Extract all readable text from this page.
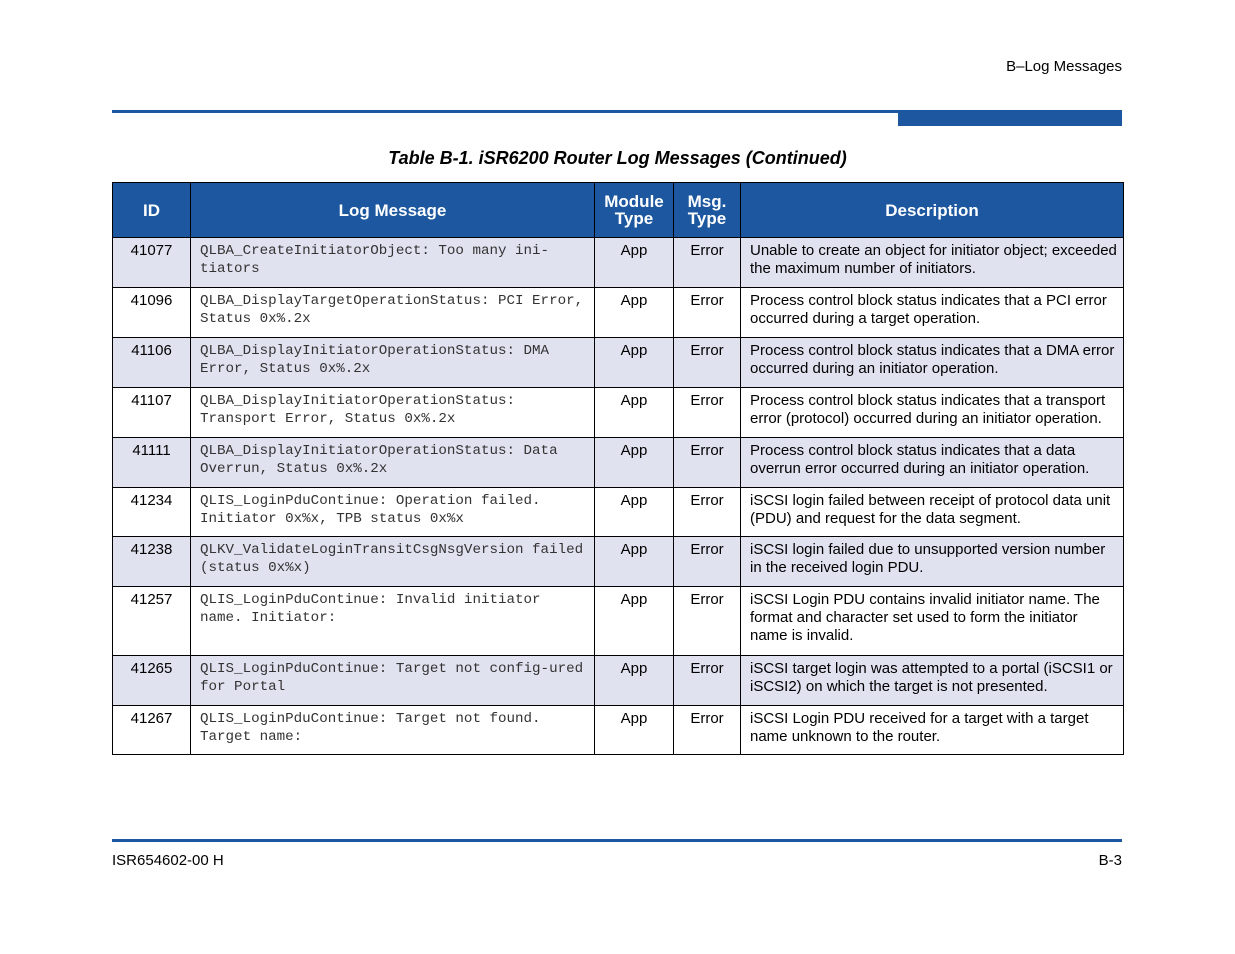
B–Log Messages
Table B-1. iSR6200 Router Log Messages (Continued)
ID	Log Message	Module Type	Msg. Type	Description
41077	QLBA_CreateInitiatorObject: Too many ini-tiators	App	Error	Unable to create an object for initiator object; exceeded the maximum number of initiators.
41096	QLBA_DisplayTargetOperationStatus: PCI Error, Status 0x%.2x	App	Error	Process control block status indicates that a PCI error occurred during a target operation.
41106	QLBA_DisplayInitiatorOperationStatus: DMA Error, Status 0x%.2x	App	Error	Process control block status indicates that a DMA error occurred during an initiator operation.
41107	QLBA_DisplayInitiatorOperationStatus: Transport Error, Status 0x%.2x	App	Error	Process control block status indicates that a transport error (protocol) occurred during an initiator operation.
41111	QLBA_DisplayInitiatorOperationStatus: Data Overrun, Status 0x%.2x	App	Error	Process control block status indicates that a data overrun error occurred during an initiator operation.
41234	QLIS_LoginPduContinue: Operation failed. Initiator 0x%x, TPB status 0x%x	App	Error	iSCSI login failed between receipt of protocol data unit (PDU) and request for the data segment.
41238	QLKV_ValidateLoginTransitCsgNsgVersion failed (status 0x%x)	App	Error	iSCSI login failed due to unsupported version number in the received login PDU.
41257	QLIS_LoginPduContinue: Invalid initiator name. Initiator:	App	Error	iSCSI Login PDU contains invalid initiator name. The format and character set used to form the initiator name is invalid.
41265	QLIS_LoginPduContinue: Target not config-ured for Portal	App	Error	iSCSI target login was attempted to a portal (iSCSI1 or iSCSI2) on which the target is not presented.
41267	QLIS_LoginPduContinue: Target not found. Target name:	App	Error	iSCSI Login PDU received for a target with a target name unknown to the router.
ISR654602-00 H	B-3
